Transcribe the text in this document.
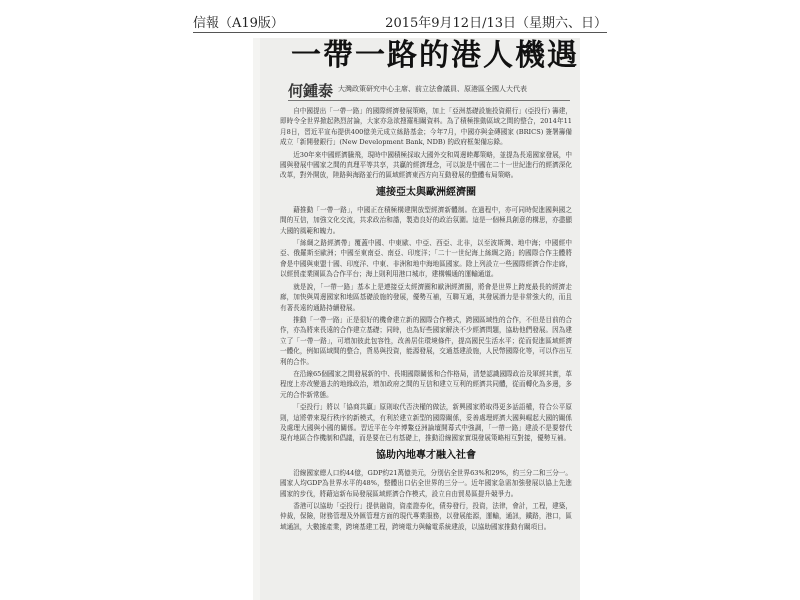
信報（A19版）	2015年9月12日/13日（星期六、日）
一帶一路的港人機遇
何鍾泰 大灣政策研究中心主席、前立法會議員、原港區全國人大代表

自中國提出「一帶一路」的國際經濟發展策略，加上「亞洲基礎設施投資銀行」(亞投行) 籌建，即時令全世界掀起熱烈討論，大家亦急欲搜羅相關資料。為了積極推動區域之間的整合，2014年11月8日，習近平宣布提供400億美元成立絲路基金；今年7月，中國亦與金磚國家 (BRICS) 簽署籌備成立「新開發銀行」(New Development Bank, NDB) 的政府框架備忘錄。

近30年來中國經濟騰飛，現時中國積極採取大國外交和周邊睦鄰策略，並提為長遠國家發展，中國與發展中國家之間的真理平等共享，共贏的經濟理念，可以說是中國在二十一世紀進行的經濟深化改革，對外開放，陸路與海路並行的區域經濟東西方向互動發展的整體布局策略。

連接亞太與歐洲經濟圈

藉推動「一帶一路」，中國正在積極構建開放型經濟新體制。在過程中，亦可同時促進國與國之間的互信，加強文化交流，共求政治和諧，製造良好的政治氛圍。這是一個極具創意的構思，亦盡顯大國的風範和魄力。

「絲綢之路經濟帶」覆蓋中國、中東歐、中亞、西亞、北非，以至波斯灣、地中海；中國經中亞、俄羅斯至歐洲；中國至東南亞、南亞、印度洋；「二十一世紀海上絲綢之路」的國際合作主體將會是中國與東盟十國、印度洋、中東、非洲和地中海地區國家。除上列設立一些國際經濟合作走廊，以經貿產業園區為合作平台；海上則利用港口城市，建構暢通的運輸通道。

就是說，「一帶一路」基本上是連接亞太經濟圈和歐洲經濟圈，將會是世界上跨度最長的經濟走廊，加快與周邊國家和地區基礎設施的發展，優勢互補，互聯互通，其發展潛力是非常強大的，而且有著長遠的通路持續發展。

推動「一帶一路」正是很好的機會建立新的國際合作模式，跨國區域性的合作，不但是目前的合作，亦為將來長遠的合作建立基礎；同時，也為好些國家解決不少經濟問題，協助他們發展。因為建立了「一帶一路」，可增加彼此包容性，改善居住環境條件，提高國民生活水平；從而促進區域經濟一體化，例如區域間的整合，貨易與投資，能源發展，交通基建設施，人民幣國際化等，可以作出互利的合作。

在沿線65個國家之間發展新的中、長期國際關係和合作格局，清楚認識國際政治及軍經其實，革程度上亦改變過去的地緣政治，增加政府之間的互信和建立互利的經濟共同體，從而轉化為多邊，多元的合作新常態。

「亞投行」將以「協商共贏」原則取代否決權的做法，新興國家將取得更多話語權，符合公平原則，這將帶來現行秩序的新模式，有利於建立新型的國際關係，妥善處理經濟大國與崛起大國的關係及處理大國與小國的關係。習近平在今年博鰲亞洲論壇開幕式中強調，「一帶一路」建設不是要替代現有地區合作機制和倡議，而是要在已有基礎上，推動沿線國家實現發展策略相互對接，優勢互補。

協助內地專才融入社會

沿線國家總人口約44億，GDP約21萬億美元，分別佔全世界63%和29%，約三分二和三分一。國家人均GDP為世界水平的48%，整體出口佔全世界的三分一。近年國家急需加強發展以協上先進國家的步伐，將藉這新布局發展區域經濟合作模式，設立自由貿易區提升競爭力。

香港可以協助「亞投行」提供融資，資產證券化，債券發行，投資，法律，會計，工程，建築，仲裁，保險，財務管理及外匯管理方面的現代專業服務，以發展能源，運輸，通訊，鐵路，港口，區域通訊，大數據產業，跨境基建工程，跨境電力與輸電系統建設，以協助國家推動有關項目。
